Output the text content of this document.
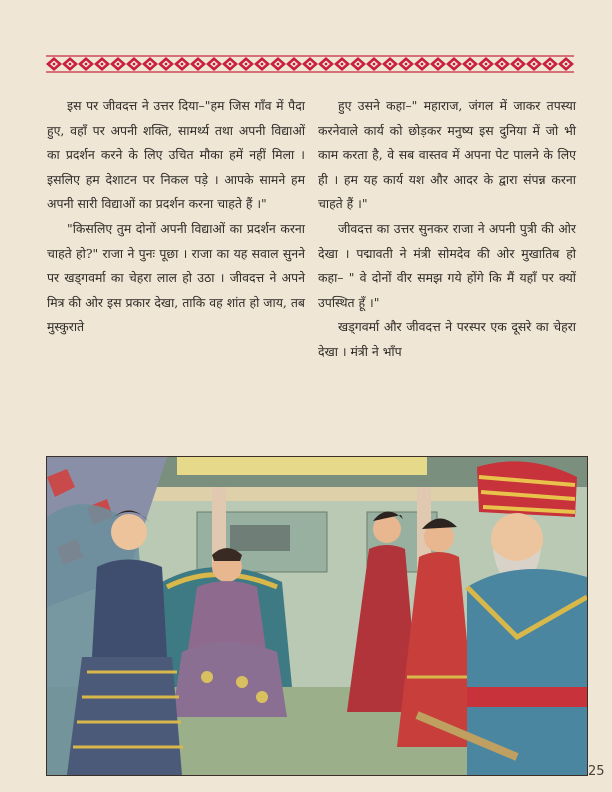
इस पर जीवदत्त ने उत्तर दिया–"हम जिस गाँव में पैदा हुए, वहाँ पर अपनी शक्ति, सामर्थ्य तथा अपनी विद्याओं का प्रदर्शन करने के लिए उचित मौका हमें नहीं मिला । इसलिए हम देशाटन पर निकल पड़े । आपके सामने हम अपनी सारी विद्याओं का प्रदर्शन करना चाहते हैं ।"

"किसलिए तुम दोनों अपनी विद्याओं का प्रदर्शन करना चाहते हो?" राजा ने पुनः पूछा । राजा का यह सवाल सुनने पर खड्गवर्मा का चेहरा लाल हो उठा । जीवदत्त ने अपने मित्र की ओर इस प्रकार देखा, ताकि वह शांत हो जाय, तब मुस्कुराते

हुए उसने कहा–" महाराज, जंगल में जाकर तपस्या करनेवाले कार्य को छोड़कर मनुष्य इस दुनिया में जो भी काम करता है, वे सब वास्तव में अपना पेट पालने के लिए ही । हम यह कार्य यश और आदर के द्वारा संपन्न करना चाहते हैं ।"

जीवदत्त का उत्तर सुनकर राजा ने अपनी पुत्री की ओर देखा । पद्मावती ने मंत्री सोमदेव की ओर मुखातिब हो कहा– " वे दोनों वीर समझ गये होंगे कि मैं यहाँ पर क्यों उपस्थित हूँ ।"

खड्गवर्मा और जीवदत्त ने परस्पर एक दूसरे का चेहरा देखा । मंत्री ने भाँप

25
